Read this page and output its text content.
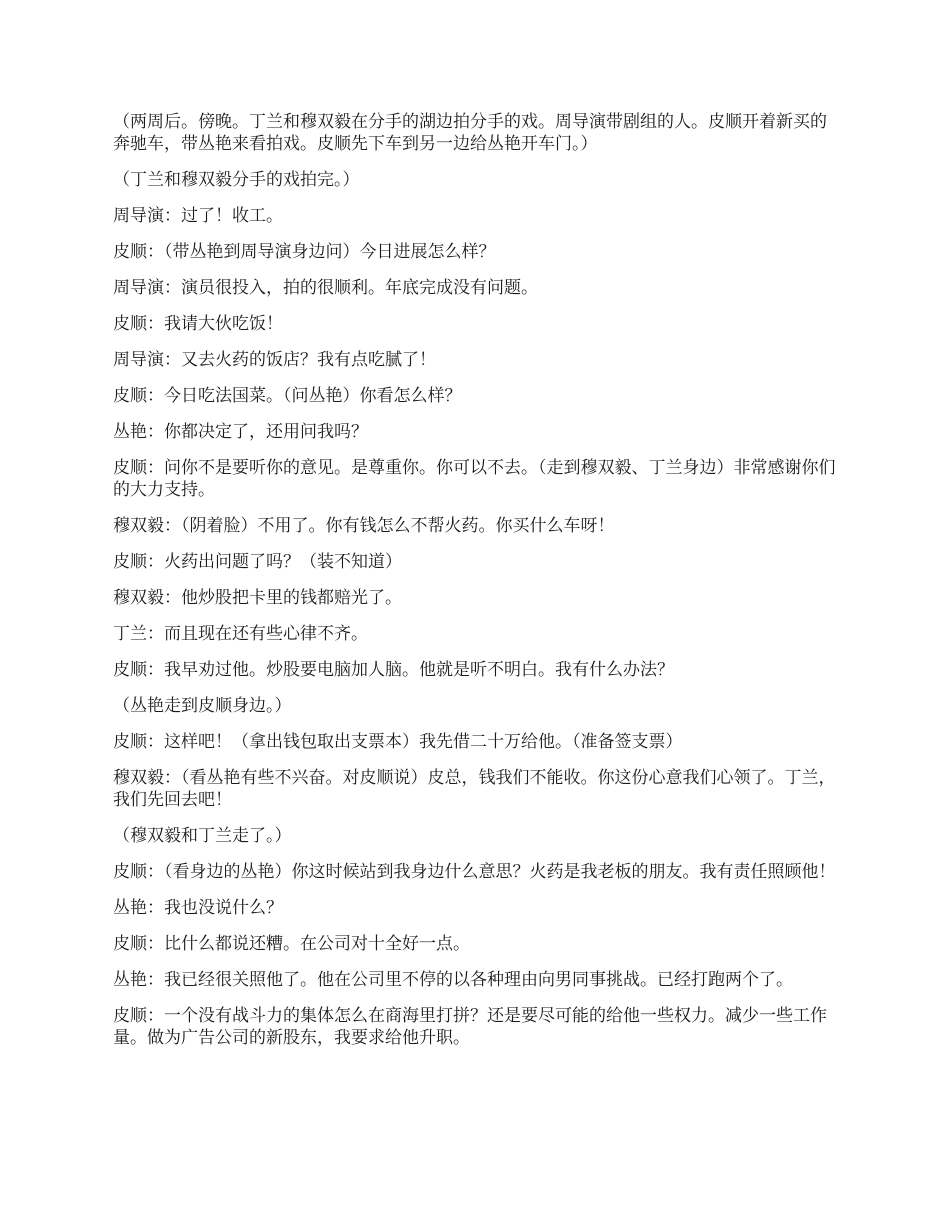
（两周后。傍晚。丁兰和穆双毅在分手的湖边拍分手的戏。周导演带剧组的人。皮顺开着新买的奔驰车，带丛艳来看拍戏。皮顺先下车到另一边给丛艳开车门。）

（丁兰和穆双毅分手的戏拍完。）

周导演：过了！收工。

皮顺：（带丛艳到周导演身边问）今日进展怎么样？

周导演：演员很投入，拍的很顺利。年底完成没有问题。

皮顺：我请大伙吃饭！

周导演：又去火药的饭店？我有点吃腻了！

皮顺：今日吃法国菜。（问丛艳）你看怎么样？

丛艳：你都决定了，还用问我吗？

皮顺：问你不是要听你的意见。是尊重你。你可以不去。（走到穆双毅、丁兰身边）非常感谢你们的大力支持。

穆双毅：（阴着脸）不用了。你有钱怎么不帮火药。你买什么车呀！

皮顺：火药出问题了吗？（装不知道）

穆双毅：他炒股把卡里的钱都赔光了。

丁兰：而且现在还有些心律不齐。

皮顺：我早劝过他。炒股要电脑加人脑。他就是听不明白。我有什么办法？

（丛艳走到皮顺身边。）

皮顺：这样吧！（拿出钱包取出支票本）我先借二十万给他。（准备签支票）

穆双毅：（看丛艳有些不兴奋。对皮顺说）皮总，钱我们不能收。你这份心意我们心领了。丁兰，我们先回去吧！

（穆双毅和丁兰走了。）

皮顺：（看身边的丛艳）你这时候站到我身边什么意思？火药是我老板的朋友。我有责任照顾他！

丛艳：我也没说什么？

皮顺：比什么都说还糟。在公司对十全好一点。

丛艳：我已经很关照他了。他在公司里不停的以各种理由向男同事挑战。已经打跑两个了。

皮顺：一个没有战斗力的集体怎么在商海里打拼？还是要尽可能的给他一些权力。减少一些工作量。做为广告公司的新股东，我要求给他升职。
